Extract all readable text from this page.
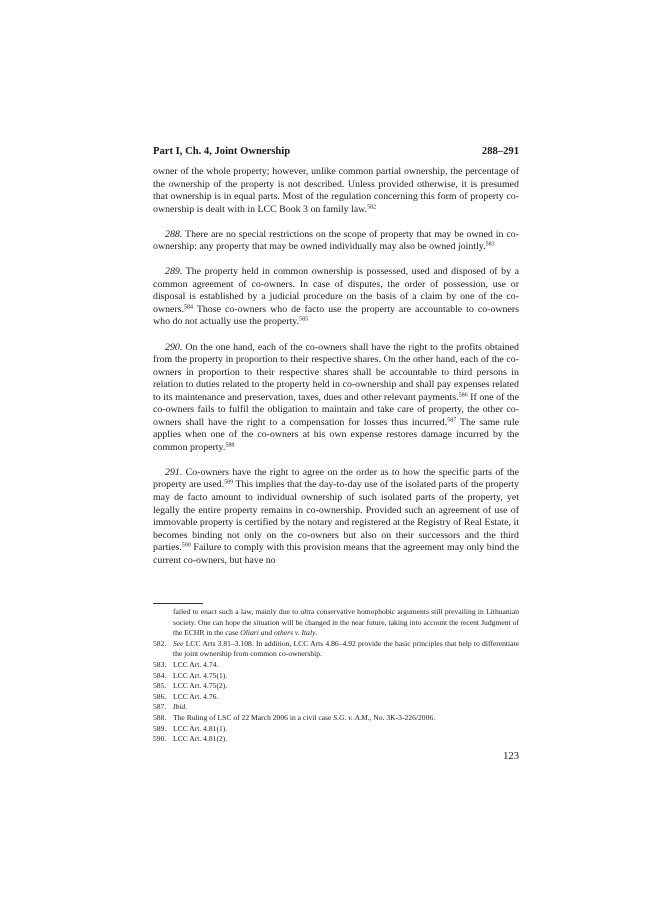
Part I, Ch. 4, Joint Ownership	288–291

owner of the whole property; however, unlike common partial ownership, the percentage of the ownership of the property is not described. Unless provided otherwise, it is presumed that ownership is in equal parts. Most of the regulation concerning this form of property co-ownership is dealt with in LCC Book 3 on family law.$^{582}$

288. There are no special restrictions on the scope of property that may be owned in co-ownership: any property that may be owned individually may also be owned jointly.$^{583}$

289. The property held in common ownership is possessed, used and disposed of by a common agreement of co-owners. In case of disputes, the order of possession, use or disposal is established by a judicial procedure on the basis of a claim by one of the co-owners.$^{584}$ Those co-owners who de facto use the property are accountable to co-owners who do not actually use the property.$^{585}$

290. On the one hand, each of the co-owners shall have the right to the profits obtained from the property in proportion to their respective shares. On the other hand, each of the co-owners in proportion to their respective shares shall be accountable to third persons in relation to duties related to the property held in co-ownership and shall pay expenses related to its maintenance and preservation, taxes, dues and other relevant payments.$^{586}$ If one of the co-owners fails to fulfil the obligation to maintain and take care of property, the other co-owners shall have the right to a compensation for losses thus incurred.$^{587}$ The same rule applies when one of the co-owners at his own expense restores damage incurred by the common property.$^{588}$

291. Co-owners have the right to agree on the order as to how the specific parts of the property are used.$^{589}$ This implies that the day-to-day use of the isolated parts of the property may de facto amount to individual ownership of such isolated parts of the property, yet legally the entire property remains in co-ownership. Provided such an agreement of use of immovable property is certified by the notary and registered at the Registry of Real Estate, it becomes binding not only on the co-owners but also on their successors and the third parties.$^{590}$ Failure to comply with this provision means that the agreement may only bind the current co-owners, but have no

failed to enact such a law, mainly due to ultra conservative homophobic arguments still prevailing in Lithuanian society. One can hope the situation will be changed in the near future, taking into account the recent Judgment of the ECHR in the case Oliari and others v. Italy.
582. See LCC Arts 3.81–3.108. In addition, LCC Arts 4.86–4.92 provide the basic principles that help to differentiate the joint ownership from common co-ownership.
583. LCC Art. 4.74.
584. LCC Art. 4.75(1).
585. LCC Art. 4.75(2).
586. LCC Art. 4.76.
587. Ibid.
588. The Ruling of LSC of 22 March 2006 in a civil case S.G. v. A.M., No. 3K-3-226/2006.
589. LCC Art. 4.81(1).
590. LCC Art. 4.81(2).
123
